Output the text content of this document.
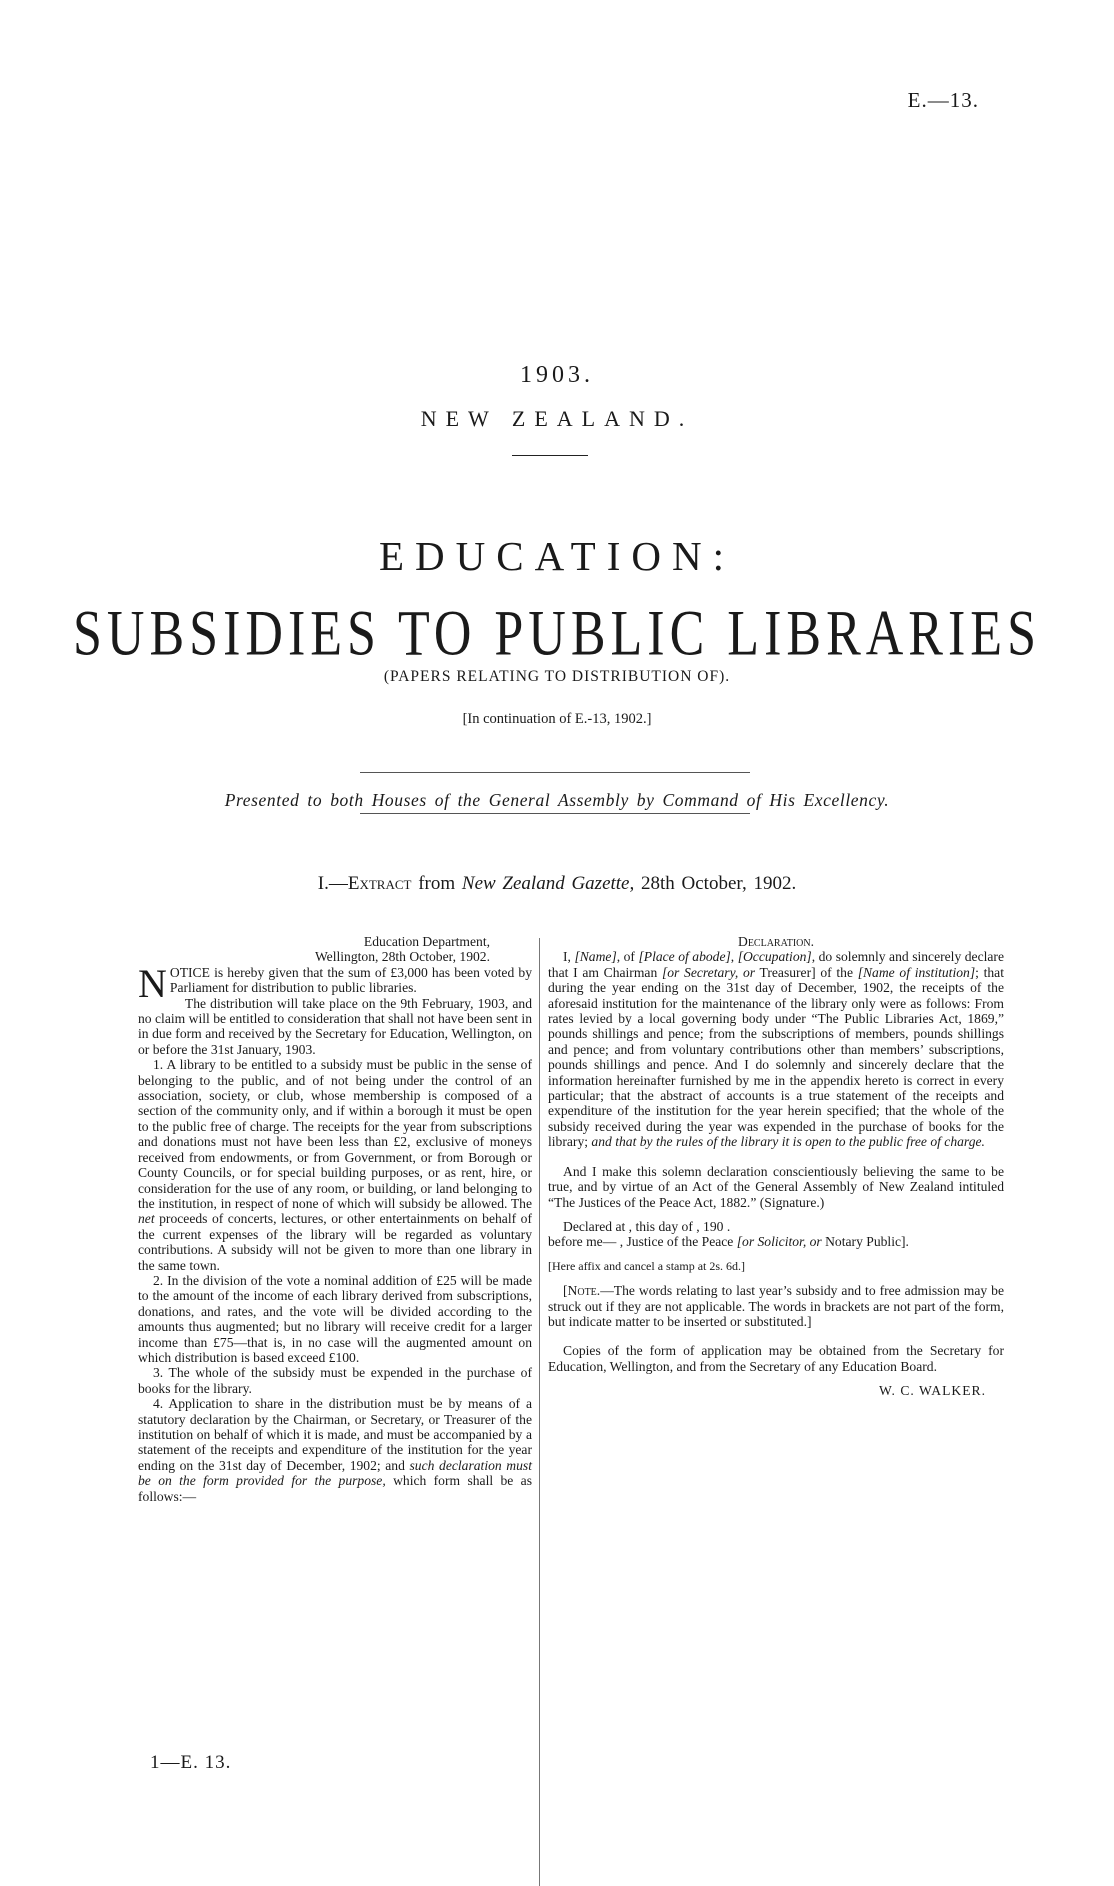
E.—13.
1903.
NEW ZEALAND.
EDUCATION:
SUBSIDIES TO PUBLIC LIBRARIES
(PAPERS RELATING TO DISTRIBUTION OF).
[In continuation of E.-13, 1902.]
Presented to both Houses of the General Assembly by Command of His Excellency.
I.—Extract from New Zealand Gazette, 28th October, 1902.

Education Department,

Wellington, 28th October, 1902.

NOTICE is hereby given that the sum of £3,000 has been voted by Parliament for distribution to public libraries.

The distribution will take place on the 9th February, 1903, and no claim will be entitled to consideration that shall not have been sent in in due form and received by the Secretary for Education, Wellington, on or before the 31st January, 1903.

1. A library to be entitled to a subsidy must be public in the sense of belonging to the public, and of not being under the control of an association, society, or club, whose membership is composed of a section of the community only, and if within a borough it must be open to the public free of charge. The receipts for the year from subscriptions and donations must not have been less than £2, exclusive of moneys received from endowments, or from Government, or from Borough or County Councils, or for special building purposes, or as rent, hire, or consideration for the use of any room, or building, or land belonging to the institution, in respect of none of which will subsidy be allowed. The net proceeds of concerts, lectures, or other entertainments on behalf of the current expenses of the library will be regarded as voluntary contributions. A subsidy will not be given to more than one library in the same town.

2. In the division of the vote a nominal addition of £25 will be made to the amount of the income of each library derived from subscriptions, donations, and rates, and the vote will be divided according to the amounts thus augmented; but no library will receive credit for a larger income than £75—that is, in no case will the augmented amount on which distribution is based exceed £100.

3. The whole of the subsidy must be expended in the purchase of books for the library.

4. Application to share in the distribution must be by means of a statutory declaration by the Chairman, or Secretary, or Treasurer of the institution on behalf of which it is made, and must be accompanied by a statement of the receipts and expenditure of the institution for the year ending on the 31st day of December, 1902; and such declaration must be on the form provided for the purpose, which form shall be as follows:—

Declaration.

I, [Name], of [Place of abode], [Occupation], do solemnly and sincerely declare that I am Chairman [or Secretary, or Treasurer] of the [Name of institution]; that during the year ending on the 31st day of December, 1902, the receipts of the aforesaid institution for the maintenance of the library only were as follows: From rates levied by a local governing body under “The Public Libraries Act, 1869,” pounds shillings and pence; from the subscriptions of members, pounds shillings and pence; and from voluntary contributions other than members’ subscriptions, pounds shillings and pence. And I do solemnly and sincerely declare that the information hereinafter furnished by me in the appendix hereto is correct in every particular; that the abstract of accounts is a true statement of the receipts and expenditure of the institution for the year herein specified; that the whole of the subsidy received during the year was expended in the purchase of books for the library; and that by the rules of the library it is open to the public free of charge.

And I make this solemn declaration conscientiously believing the same to be true, and by virtue of an Act of the General Assembly of New Zealand intituled “The Justices of the Peace Act, 1882.” (Signature.)

Declared at , this day of , 190 .

before me— , Justice of the Peace [or Solicitor, or Notary Public].

[Here affix and cancel a stamp at 2s. 6d.]

[Note.—The words relating to last year’s subsidy and to free admission may be struck out if they are not applicable. The words in brackets are not part of the form, but indicate matter to be inserted or substituted.]

Copies of the form of application may be obtained from the Secretary for Education, Wellington, and from the Secretary of any Education Board.

W. C. WALKER.

1—E. 13.
